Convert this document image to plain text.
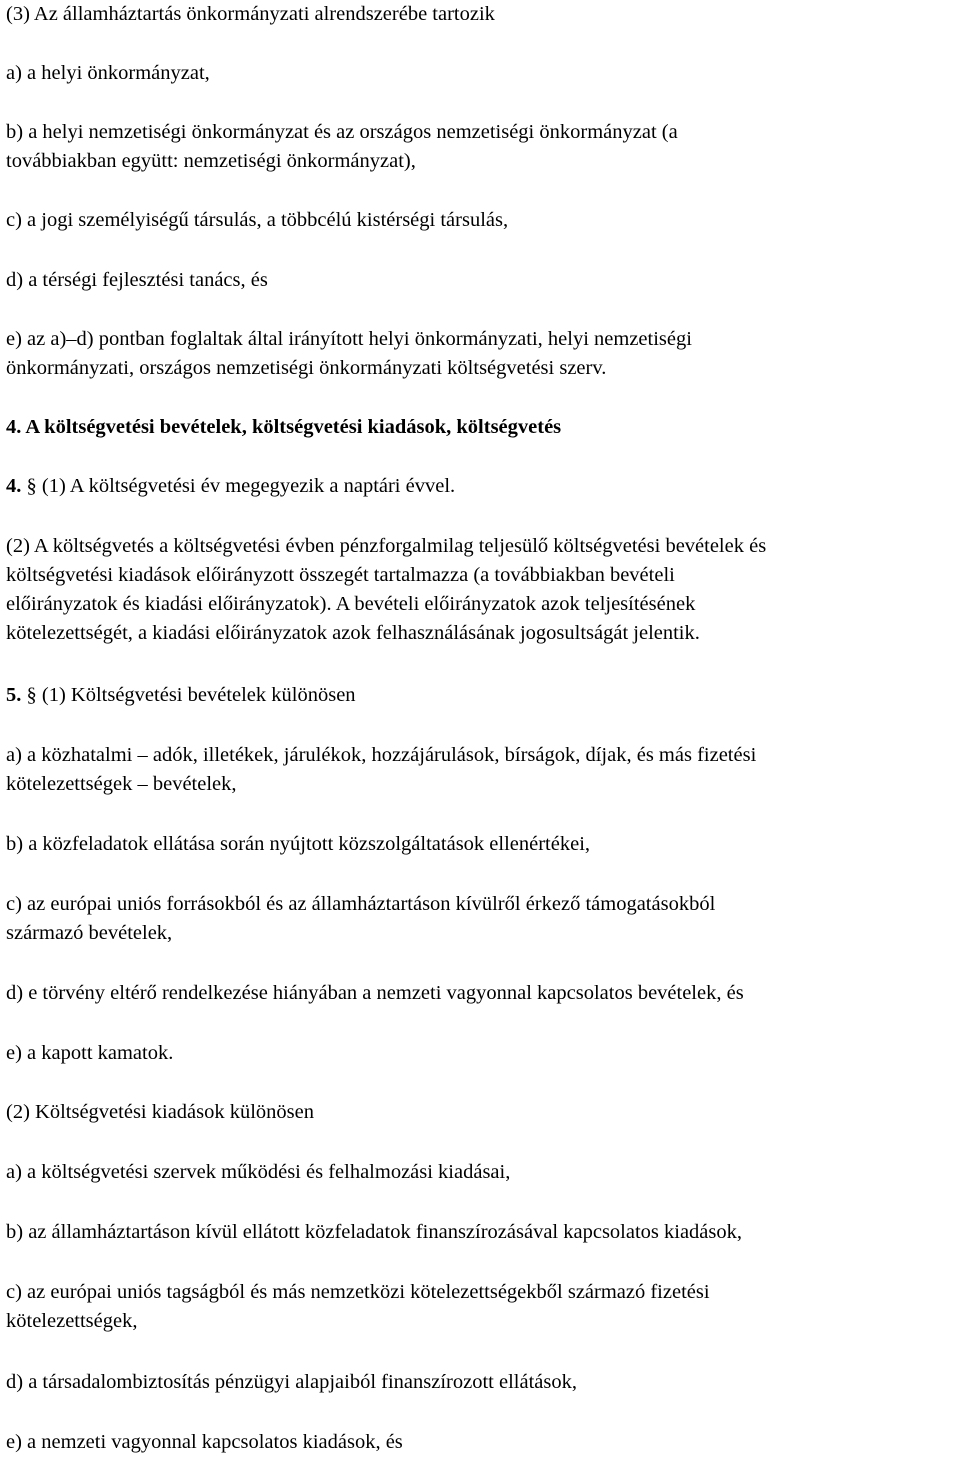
(3) Az államháztartás önkormányzati alrendszerébe tartozik

a) a helyi önkormányzat,

b) a helyi nemzetiségi önkormányzat és az országos nemzetiségi önkormányzat (a
továbbiakban együtt: nemzetiségi önkormányzat),

c) a jogi személyiségű társulás, a többcélú kistérségi társulás,

d) a térségi fejlesztési tanács, és

e) az a)–d) pontban foglaltak által irányított helyi önkormányzati, helyi nemzetiségi
önkormányzati, országos nemzetiségi önkormányzati költségvetési szerv.

4. A költségvetési bevételek, költségvetési kiadások, költségvetés

4. § (1) A költségvetési év megegyezik a naptári évvel.

(2) A költségvetés a költségvetési évben pénzforgalmilag teljesülő költségvetési bevételek és
költségvetési kiadások előirányzott összegét tartalmazza (a továbbiakban bevételi
előirányzatok és kiadási előirányzatok). A bevételi előirányzatok azok teljesítésének
kötelezettségét, a kiadási előirányzatok azok felhasználásának jogosultságát jelentik.

5. § (1) Költségvetési bevételek különösen

a) a közhatalmi – adók, illetékek, járulékok, hozzájárulások, bírságok, díjak, és más fizetési
kötelezettségek – bevételek,

b) a közfeladatok ellátása során nyújtott közszolgáltatások ellenértékei,

c) az európai uniós forrásokból és az államháztartáson kívülről érkező támogatásokból
származó bevételek,

d) e törvény eltérő rendelkezése hiányában a nemzeti vagyonnal kapcsolatos bevételek, és

e) a kapott kamatok.

(2) Költségvetési kiadások különösen

a) a költségvetési szervek működési és felhalmozási kiadásai,

b) az államháztartáson kívül ellátott közfeladatok finanszírozásával kapcsolatos kiadások,

c) az európai uniós tagságból és más nemzetközi kötelezettségekből származó fizetési
kötelezettségek,

d) a társadalombiztosítás pénzügyi alapjaiból finanszírozott ellátások,

e) a nemzeti vagyonnal kapcsolatos kiadások, és
